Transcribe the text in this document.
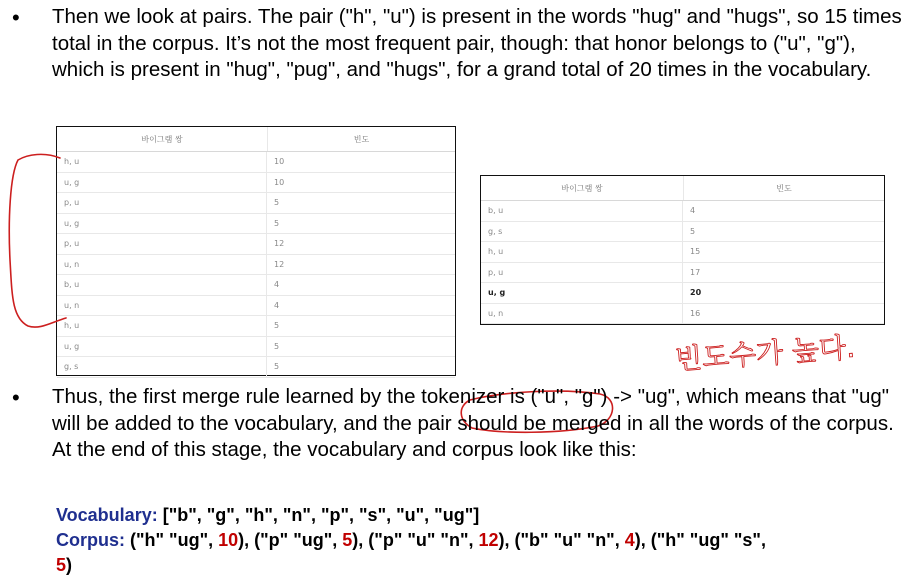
• Then we look at pairs. The pair ("h", "u") is present in the words "hug" and "hugs", so 15 times total in the corpus. It’s not the most frequent pair, though: that honor belongs to ("u", "g"), which is present in "hug", "pug", and "hugs", for a grand total of 20 times in the vocabulary.
바이그램 쌍	빈도
h, u	10
u, g	10
p, u	5
u, g	5
p, u	12
u, n	12
b, u	4
u, n	4
h, u	5
u, g	5
g, s	5
바이그램 쌍	빈도
b, u	4
g, s	5
h, u	15
p, u	17
u, g	20
u, n	16
빈도수가 높다.
• Thus, the first merge rule learned by the tokenizer is ("u", "g") -> "ug", which means that "ug" will be added to the vocabulary, and the pair should be merged in all the words of the corpus. At the end of this stage, the vocabulary and corpus look like this:
Vocabulary: ["b", "g", "h", "n", "p", "s", "u", "ug"]
Corpus: ("h" "ug", 10), ("p" "ug", 5), ("p" "u" "n", 12), ("b" "u" "n", 4), ("h" "ug" "s",
5)
